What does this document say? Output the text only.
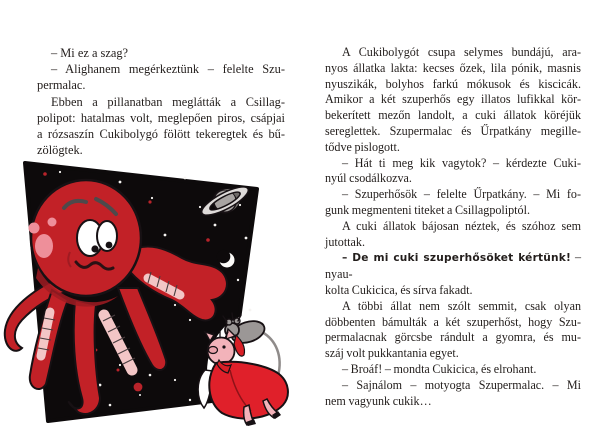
– Mi ez a szag?
– Alighanem megérkeztünk – felelte Szu-
permalac.
Ebben a pillanatban meglátták a Csillag-
polipot: hatalmas volt, meglepően piros, csápjai
a rózsaszín Cukibolygó fölött tekeregtek és bű-
zölögtek.
A Cukibolygót csupa selymes bundájú, ara-
nyos állatka lakta: kecses őzek, lila pónik, masnis
nyuszikák, bolyhos farkú mókusok és kiscicák.
Amikor a két szuperhős egy illatos lufikkal kör-
bekerített mezőn landolt, a cuki állatok köréjük
sereglettek. Szupermalac és Űrpatkány megille-
tődve pislogott.
– Hát ti meg kik vagytok? – kérdezte Cuki-
nyúl csodálkozva.
– Szuperhősök – felelte Űrpatkány. – Mi fo-
gunk megmenteni titeket a Csillagpoliptól.
A cuki állatok bájosan néztek, és szóhoz sem
jutottak.
– De mi cuki szuperhősöket kértünk! – nyau-
kolta Cukicica, és sírva fakadt.
A többi állat nem szólt semmit, csak olyan
döbbenten bámulták a két szuperhőst, hogy Szu-
permalacnak görcsbe rándult a gyomra, és mu-
száj volt pukkantania egyet.
– Broáf! – mondta Cukicica, és elrohant.
– Sajnálom – motyogta Szupermalac. – Mi
nem vagyunk cukik…
